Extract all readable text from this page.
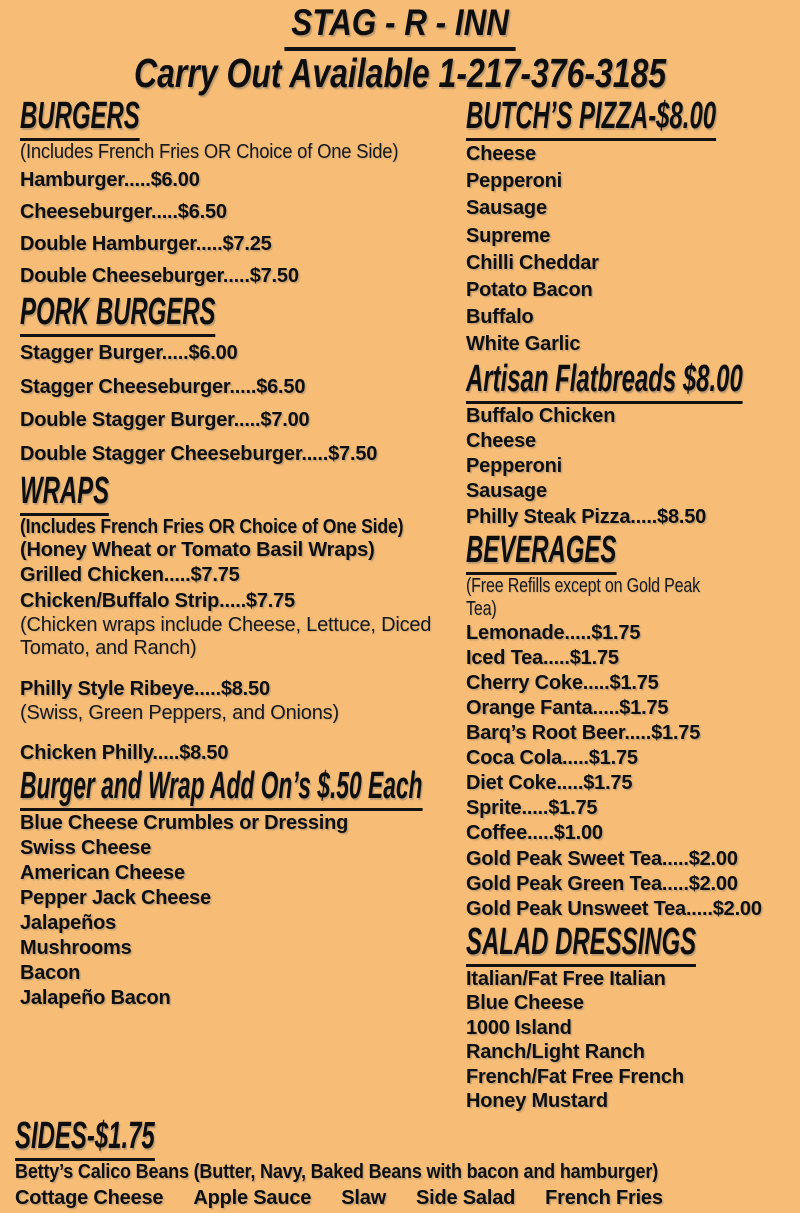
STAG - R - INN
Carry Out Available 1-217-376-3185
BURGERS

(Includes French Fries OR Choice of One Side)

Hamburger.....$6.00
Cheeseburger.....$6.50
Double Hamburger.....$7.25
Double Cheeseburger.....$7.50
PORK BURGERS
Stagger Burger.....$6.00
Stagger Cheeseburger.....$6.50
Double Stagger Burger.....$7.00
Double Stagger Cheeseburger.....$7.50
WRAPS

(Includes French Fries OR Choice of One Side)

(Honey Wheat or Tomato Basil Wraps)

Grilled Chicken.....$7.75
Chicken/Buffalo Strip.....$7.75

(Chicken wraps include Cheese, Lettuce, Diced Tomato, and Ranch)

Philly Style Ribeye.....$8.50

(Swiss, Green Peppers, and Onions)

Chicken Philly.....$8.50

Burger and Wrap Add On’s $.50 Each
Blue Cheese Crumbles or Dressing
Swiss Cheese
American Cheese
Pepper Jack Cheese
Jalapeños
Mushrooms
Bacon
Jalapeño Bacon
BUTCH’S PIZZA-$8.00
Cheese
Pepperoni
Sausage
Supreme
Chilli Cheddar
Potato Bacon
Buffalo
White Garlic
Artisan Flatbreads $8.00
Buffalo Chicken
Cheese
Pepperoni
Sausage
Philly Steak Pizza.....$8.50
BEVERAGES

(Free Refills except on Gold Peak Tea)

Lemonade.....$1.75
Iced Tea.....$1.75
Cherry Coke.....$1.75
Orange Fanta.....$1.75
Barq’s Root Beer.....$1.75
Coca Cola.....$1.75
Diet Coke.....$1.75
Sprite.....$1.75
Coffee.....$1.00
Gold Peak Sweet Tea.....$2.00
Gold Peak Green Tea.....$2.00
Gold Peak Unsweet Tea.....$2.00
SALAD DRESSINGS
Italian/Fat Free Italian
Blue Cheese
1000 Island
Ranch/Light Ranch
French/Fat Free French
Honey Mustard
SIDES-$1.75

Betty’s Calico Beans (Butter, Navy, Baked Beans with bacon and hamburger)

Cottage Cheese Apple Sauce Slaw Side Salad French Fries
